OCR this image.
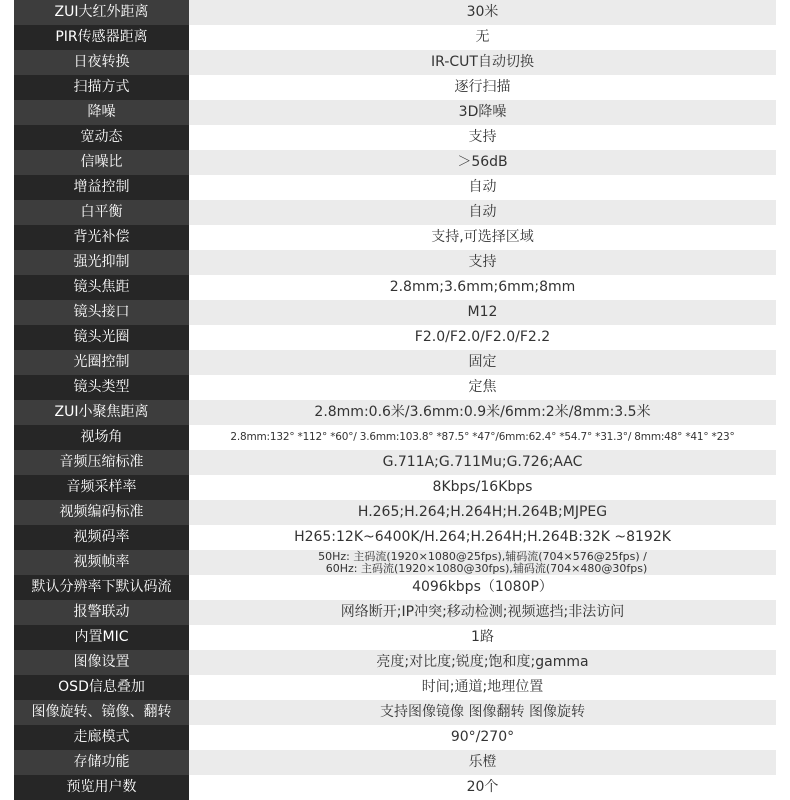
ZUI大红外距离	30米
PIR传感器距离	无
日夜转换	IR-CUT自动切换
扫描方式	逐行扫描
降噪	3D降噪
宽动态	支持
信噪比	＞56dB
增益控制	自动
白平衡	自动
背光补偿	支持,可选择区域
强光抑制	支持
镜头焦距	2.8mm;3.6mm;6mm;8mm
镜头接口	M12
镜头光圈	F2.0/F2.0/F2.0/F2.2
光圈控制	固定
镜头类型	定焦
ZUI小聚焦距离	2.8mm:0.6米/3.6mm:0.9米/6mm:2米/8mm:3.5米
视场角	2.8mm:132° *112° *60°/ 3.6mm:103.8° *87.5° *47°/6mm:62.4° *54.7° *31.3°/ 8mm:48° *41° *23°
音频压缩标准	G.711A;G.711Mu;G.726;AAC
音频采样率	8Kbps/16Kbps
视频编码标准	H.265;H.264;H.264H;H.264B;MJPEG
视频码率	H265:12K~6400K/H.264;H.264H;H.264B:32K ~8192K
视频帧率	50Hz: 主码流(1920×1080@25fps),辅码流(704×576@25fps) /
60Hz: 主码流(1920×1080@30fps),辅码流(704×480@30fps)
默认分辨率下默认码流	4096kbps（1080P）
报警联动	网络断开;IP冲突;移动检测;视频遮挡;非法访问
内置MIC	1路
图像设置	亮度;对比度;锐度;饱和度;gamma
OSD信息叠加	时间;通道;地理位置
图像旋转、镜像、翻转	支持图像镜像 图像翻转 图像旋转
走廊模式	90°/270°
存储功能	乐橙
预览用户数	20个
